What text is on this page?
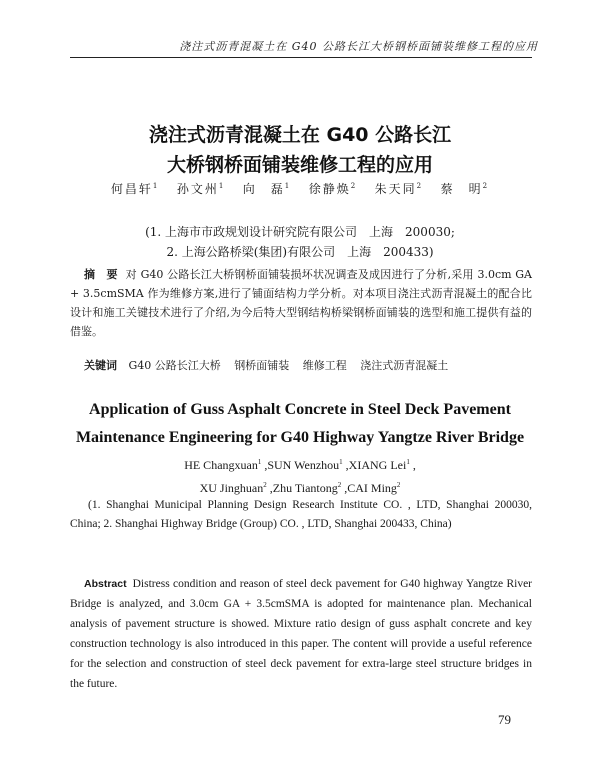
浇注式沥青混凝土在 G40 公路长江大桥钢桥面铺装维修工程的应用
浇注式沥青混凝土在 G40 公路长江
大桥钢桥面铺装维修工程的应用
何昌轩$^1$ 孙文州$^1$ 向　磊$^1$ 徐静焕$^2$ 朱天同$^2$ 蔡　明$^2$
(1. 上海市市政规划设计研究院有限公司　上海　200030;
2. 上海公路桥梁(集团)有限公司　上海　200433)
摘　要 对 G40 公路长江大桥钢桥面铺装损坏状况调查及成因进行了分析,采用 3.0cm GA + 3.5cmSMA 作为维修方案,进行了铺面结构力学分析。对本项目浇注式沥青混凝土的配合比设计和施工关键技术进行了介绍,为今后特大型钢结构桥梁钢桥面铺装的选型和施工提供有益的借鉴。
关键词 G40 公路长江大桥 钢桥面铺装 维修工程 浇注式沥青混凝土
Application of Guss Asphalt Concrete in Steel Deck Pavement
Maintenance Engineering for G40 Highway Yangtze River Bridge
HE Changxuan$^1$ ,SUN Wenzhou$^1$ ,XIANG Lei$^1$ ,
XU Jinghuan$^2$ ,Zhu Tiantong$^2$ ,CAI Ming$^2$
(1. Shanghai Municipal Planning Design Research Institute CO. , LTD, Shanghai 200030, China; 2. Shanghai Highway Bridge (Group) CO. , LTD, Shanghai 200433, China)
Abstract Distress condition and reason of steel deck pavement for G40 highway Yangtze River Bridge is analyzed, and 3.0cm GA + 3.5cmSMA is adopted for maintenance plan. Mechanical analysis of pavement structure is showed. Mixture ratio design of guss asphalt concrete and key construction technology is also introduced in this paper. The content will provide a useful reference for the selection and construction of steel deck pavement for extra-large steel structure bridges in the future.
79
